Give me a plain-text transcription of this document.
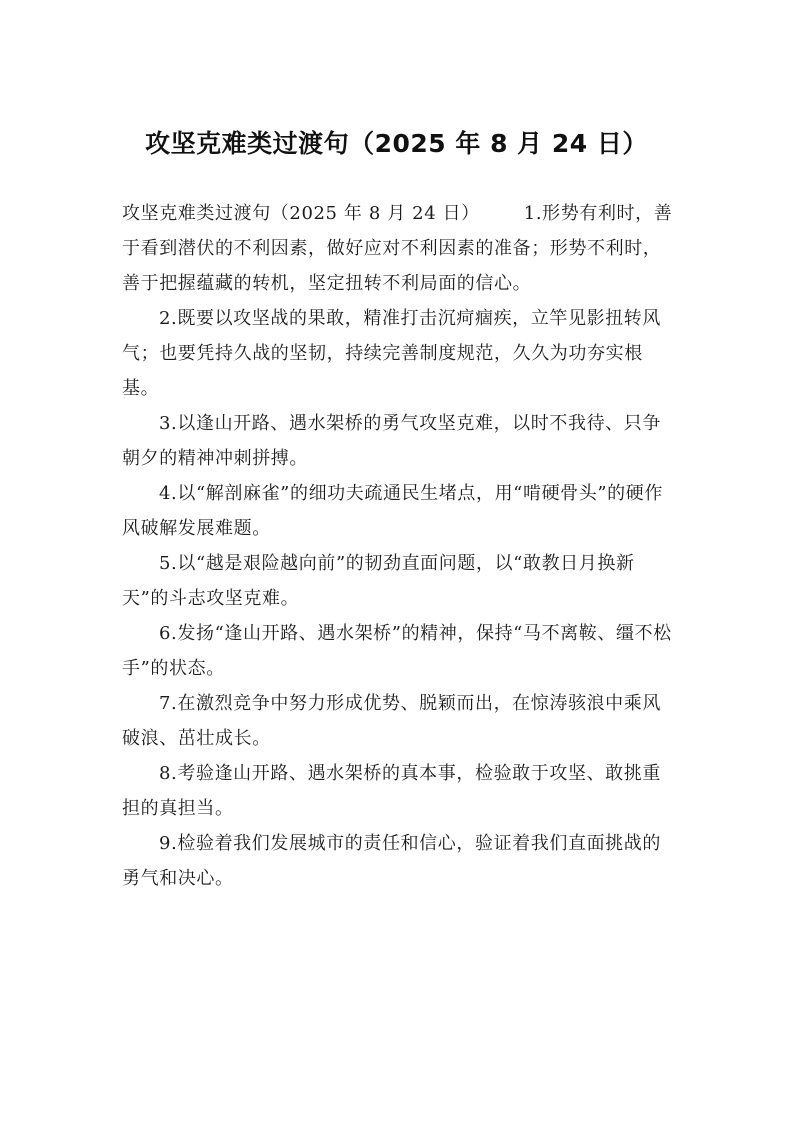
攻坚克难类过渡句（2025 年 8 月 24 日）

攻坚克难类过渡句（2025 年 8 月 24 日） 1.形势有利时，善于看到潜伏的不利因素，做好应对不利因素的准备；形势不利时，善于把握蕴藏的转机，坚定扭转不利局面的信心。

2.既要以攻坚战的果敢，精准打击沉疴痼疾，立竿见影扭转风气；也要凭持久战的坚韧，持续完善制度规范，久久为功夯实根基。

3.以逢山开路、遇水架桥的勇气攻坚克难，以时不我待、只争朝夕的精神冲刺拼搏。

4.以“解剖麻雀”的细功夫疏通民生堵点，用“啃硬骨头”的硬作风破解发展难题。

5.以“越是艰险越向前”的韧劲直面问题，以“敢教日月换新天”的斗志攻坚克难。

6.发扬“逢山开路、遇水架桥”的精神，保持“马不离鞍、缰不松手”的状态。

7.在激烈竞争中努力形成优势、脱颖而出，在惊涛骇浪中乘风破浪、茁壮成长。

8.考验逢山开路、遇水架桥的真本事，检验敢于攻坚、敢挑重担的真担当。

9.检验着我们发展城市的责任和信心，验证着我们直面挑战的勇气和决心。
